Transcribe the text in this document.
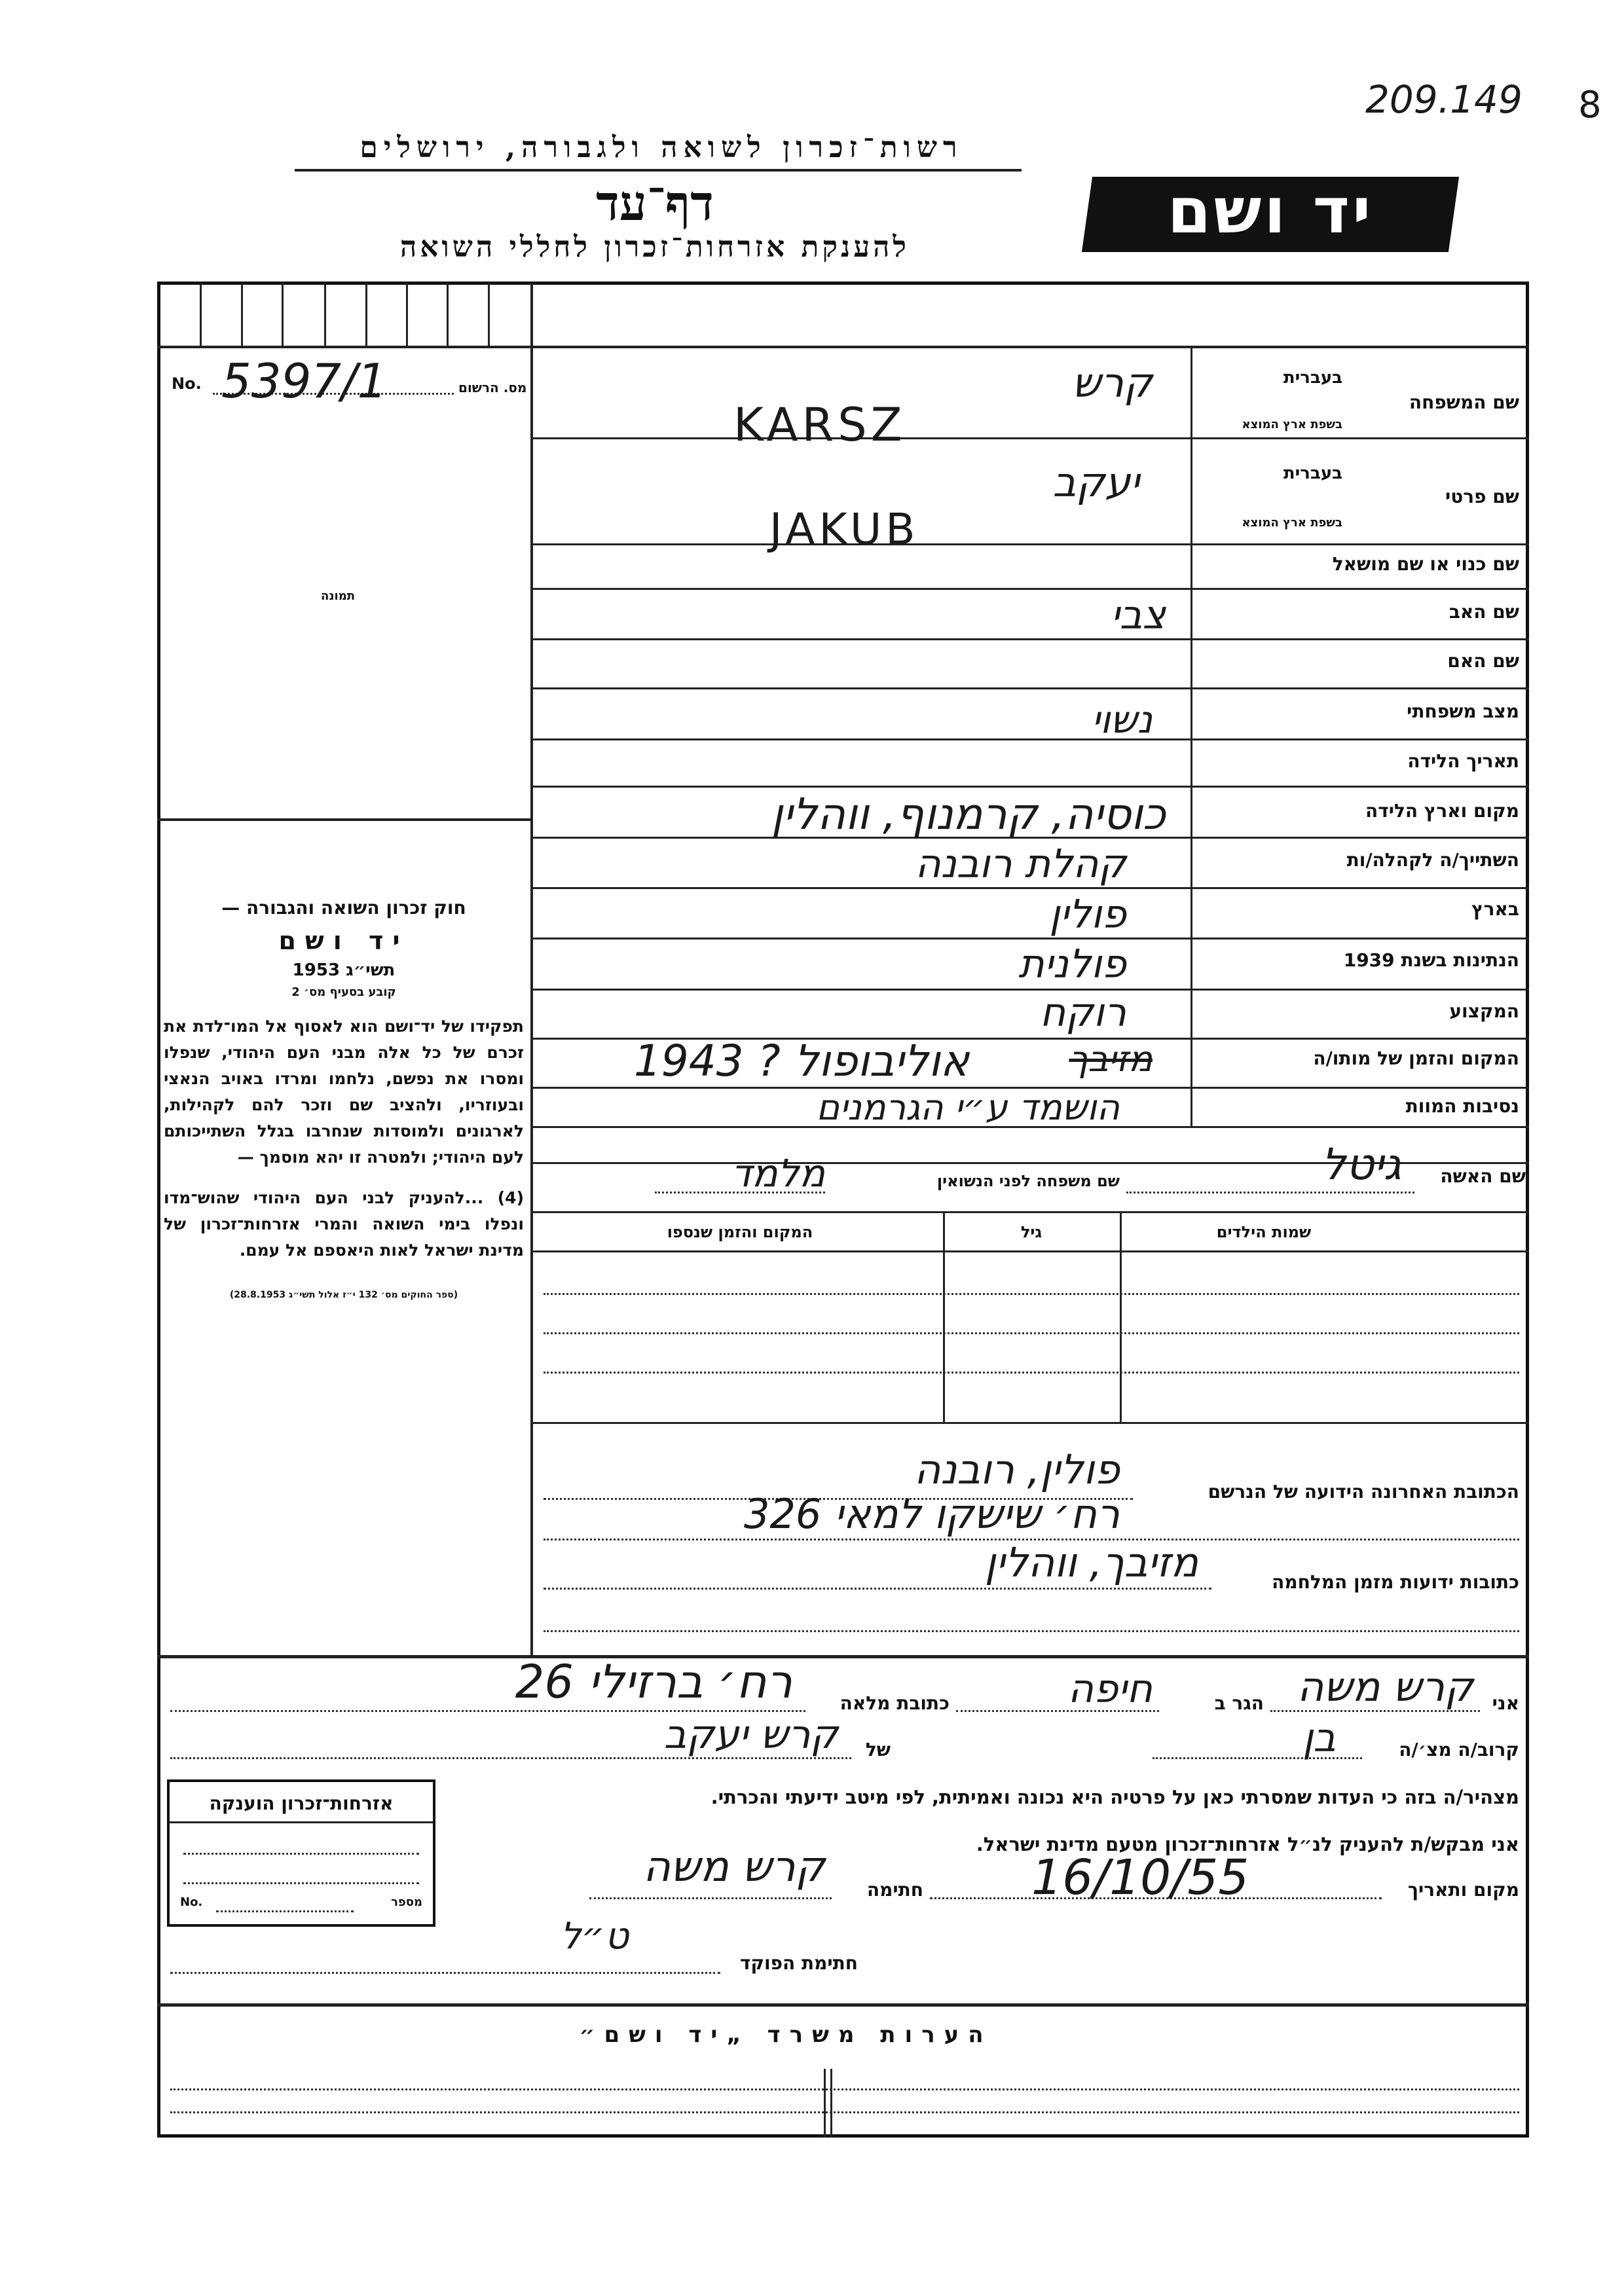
209.149 8
רשות־זכרון לשואה ולגבורה, ירושלים
דף־עד
להענקת אזרחות־זכרון לחללי השואה	יד ושם
מס. הרשום
No. 5397/1
תמונה
שם המשפחה
בעברית
בשפת ארץ המוצא
שם פרטי
בעברית
בשפת ארץ המוצא
שם כנוי או שם מושאל
שם האב
שם האם
מצב משפחתי
תאריך הלידה
מקום וארץ הלידה
השתייך/ה לקהלה/ות
בארץ
הנתינות בשנת 1939
המקצוע
המקום והזמן של מותו/ה
נסיבות המוות
קרש
KARSZ
יעקב
JAKUB
צבי
נשוי
כוסיה, קרמנוף, ווהלין
קהלת רובנה
פולין
פולנית
רוקח
מזיבך
אוליבופול ? 1943
הושמד ע״י הגרמנים
שם האשה
גיטל
שם משפחה לפני הנשואין
מלמד
שמות הילדים
גיל
המקום והזמן שנספו
הכתובת האחרונה הידועה של הנרשם
פולין, רובנה
רח׳ שישקו למאי 326
כתובות ידועות מזמן המלחמה
מזיבך, ווהלין

חוק זכרון השואה והגבורה —

יד ושם

תשי״ג 1953

קובע בסעיף מס׳ 2

תפקידו של יד־ושם הוא לאסוף אל המו־לדת את זכרם של כל אלה מבני העם היהודי, שנפלו ומסרו את נפשם, נלחמו ומרדו באויב הנאצי ובעוזריו, ולהציב שם וזכר להם לקהילות, לארגונים ולמוסדות שנחרבו בגלל השתייכותם לעם היהודי; ולמטרה זו יהא מוסמך —

(4) ...להעניק לבני העם היהודי שהוש־מדו ונפלו בימי השואה והמרי אזרחות־זכרון של מדינת ישראל לאות היאספם אל עמם.

(ספר החוקים מס׳ 132 י״ז אלול תשי״ג 28.8.1953)

אני
קרש משה
הגר ב
חיפה
כתובת מלאה
רח׳ ברזילי 26
קרוב/ה מצ׳/ה
בן
של
קרש יעקב
מצהיר/ה בזה כי העדות שמסרתי כאן על פרטיה היא נכונה ואמיתית, לפי מיטב ידיעתי והכרתי.
אני מבקש/ת להעניק לנ״ל אזרחות־זכרון מטעם מדינת ישראל.
מקום ותאריך
16/10/55
חתימה
קרש משה
ט״ל
חתימת הפוקד
אזרחות־זכרון הוענקה
No.	מספר
הערות משרד „יד ושם״
